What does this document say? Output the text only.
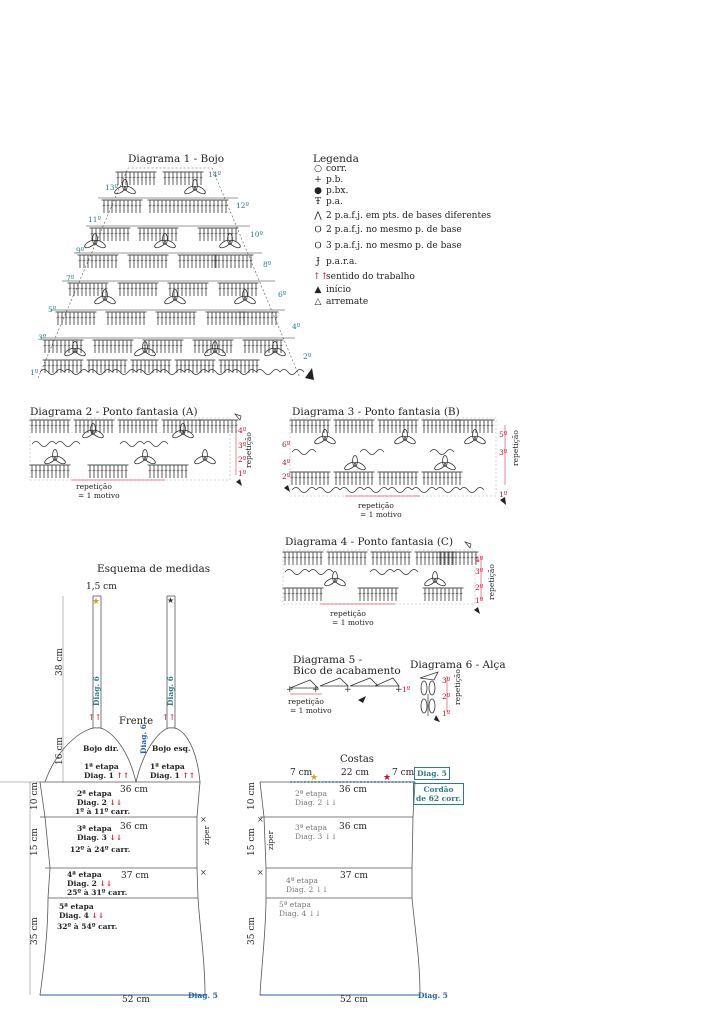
+ +	+	+
↑↑	↑↑
×
×
★	★
×
×
★	★
Diagrama 1 - Bojo
1º
3º
5º
7º
9º
11º
13º
2º
4º
6º
8º
10º
12º
14º
Legenda
○ corr.
+ p.b.
● p.bx.
Ŧ p.a.
⋀ 2 p.a.f.j. em pts. de bases diferentes
Ѻ 2 p.a.f.j. no mesmo p. de base
Ѻ 3 p.a.f.j. no mesmo p. de base
Ɉ p.a.r.a.
↑↑sentido do trabalho
▲ início
△ arremate
Diagrama 2 - Ponto fantasia (A)
4º
3º
2º
1º
repetição
repetição
= 1 motivo
Diagrama 3 - Ponto fantasia (B)
6º
4º
2º
5º
3º
1º
repetição
repetição
= 1 motivo
Diagrama 4 - Ponto fantasia (C)
4º
3º
2º
1º
repetição
repetição
= 1 motivo
Diagrama 5 -
Bico de acabamento
repetição
= 1 motivo
1º
Diagrama 6 - Alça
3º
2º
1º
repetição
Esquema de medidas
1,5 cm
38 cm
Diag. 6	Diag. 6
16 cm
Frente
Bojo dir.	Bojo esq.
Diag. 6
1ª etapa
Diag. 1 ↑↑
1ª etapa
Diag. 1 ↑↑
36 cm
10 cm	2ª etapa
Diag. 2 ↓↓
1º à 11º carr.
36 cm
15 cm	3ª etapa
Diag. 3 ↓↓
12º à 24º carr.
zíper
37 cm
4ª etapa
Diag. 2 ↓↓
25º à 31º carr.
35 cm
5ª etapa
Diag. 4 ↓↓
32º à 54º carr.
52 cm	Diag. 5
Costas
7 cm	22 cm	7 cm Diag. 5
Cordão
de 62 corr.
10 cm	2ª etapa
Diag. 2 ↓↓
36 cm
15 cm zíper
3ª etapa
Diag. 3 ↓↓
36 cm
4ª etapa
Diag. 2 ↓↓
37 cm
35 cm
5ª etapa
Diag. 4 ↓↓
52 cm	Diag. 5
